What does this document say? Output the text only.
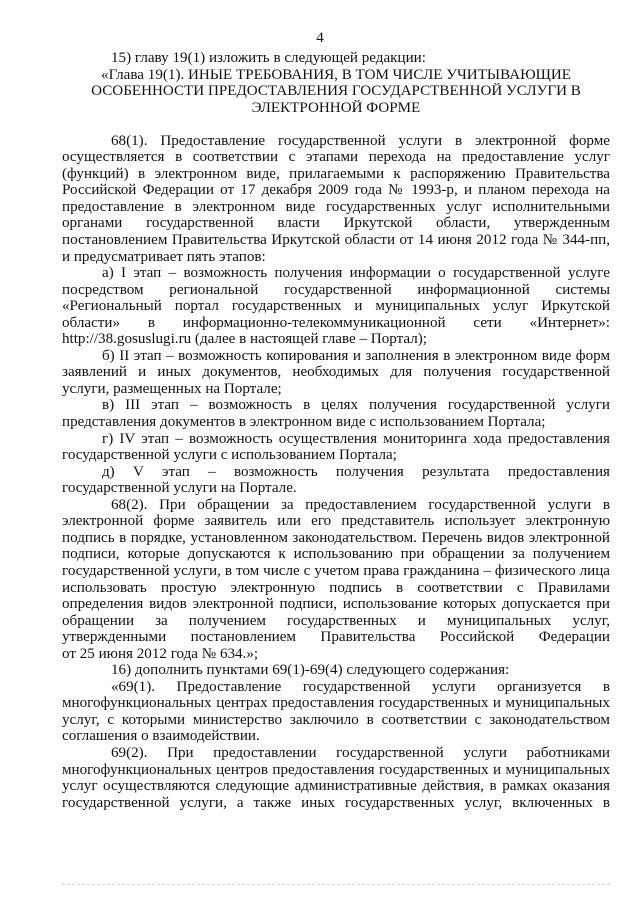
4
15) главу 19(1) изложить в следующей редакции:
«Глава 19(1). ИНЫЕ ТРЕБОВАНИЯ, В ТОМ ЧИСЛЕ УЧИТЫВАЮЩИЕ
ОСОБЕННОСТИ ПРЕДОСТАВЛЕНИЯ ГОСУДАРСТВЕННОЙ УСЛУГИ В
ЭЛЕКТРОННОЙ ФОРМЕ
68(1). Предоставление государственной услуги в электронной форме
осуществляется в соответствии с этапами перехода на предоставление услуг
(функций) в электронном виде, прилагаемыми к распоряжению Правительства
Российской Федерации от 17 декабря 2009 года № 1993-р, и планом перехода на
предоставление в электронном виде государственных услуг исполнительными
органами государственной власти Иркутской области, утвержденным
постановлением Правительства Иркутской области от 14 июня 2012 года № 344-пп,
и предусматривает пять этапов:
а) I этап – возможность получения информации о государственной услуге
посредством региональной государственной информационной системы
«Региональный портал государственных и муниципальных услуг Иркутской
области» в информационно-телекоммуникационной сети «Интернет»:
http://38.gosuslugi.ru (далее в настоящей главе – Портал);
б) II этап – возможность копирования и заполнения в электронном виде форм
заявлений и иных документов, необходимых для получения государственной
услуги, размещенных на Портале;
в) III этап – возможность в целях получения государственной услуги
представления документов в электронном виде с использованием Портала;
г) IV этап – возможность осуществления мониторинга хода предоставления
государственной услуги с использованием Портала;
д) V этап – возможность получения результата предоставления
государственной услуги на Портале.
68(2). При обращении за предоставлением государственной услуги в
электронной форме заявитель или его представитель использует электронную
подпись в порядке, установленном законодательством. Перечень видов электронной
подписи, которые допускаются к использованию при обращении за получением
государственной услуги, в том числе с учетом права гражданина – физического лица
использовать простую электронную подпись в соответствии с Правилами
определения видов электронной подписи, использование которых допускается при
обращении за получением государственных и муниципальных услуг,
утвержденными постановлением Правительства Российской Федерации
от 25 июня 2012 года № 634.»;
16) дополнить пунктами 69(1)-69(4) следующего содержания:
«69(1). Предоставление государственной услуги организуется в
многофункциональных центрах предоставления государственных и муниципальных
услуг, с которыми министерство заключило в соответствии с законодательством
соглашения о взаимодействии.
69(2). При предоставлении государственной услуги работниками
многофункциональных центров предоставления государственных и муниципальных
услуг осуществляются следующие административные действия, в рамках оказания
государственной услуги, а также иных государственных услуг, включенных в
